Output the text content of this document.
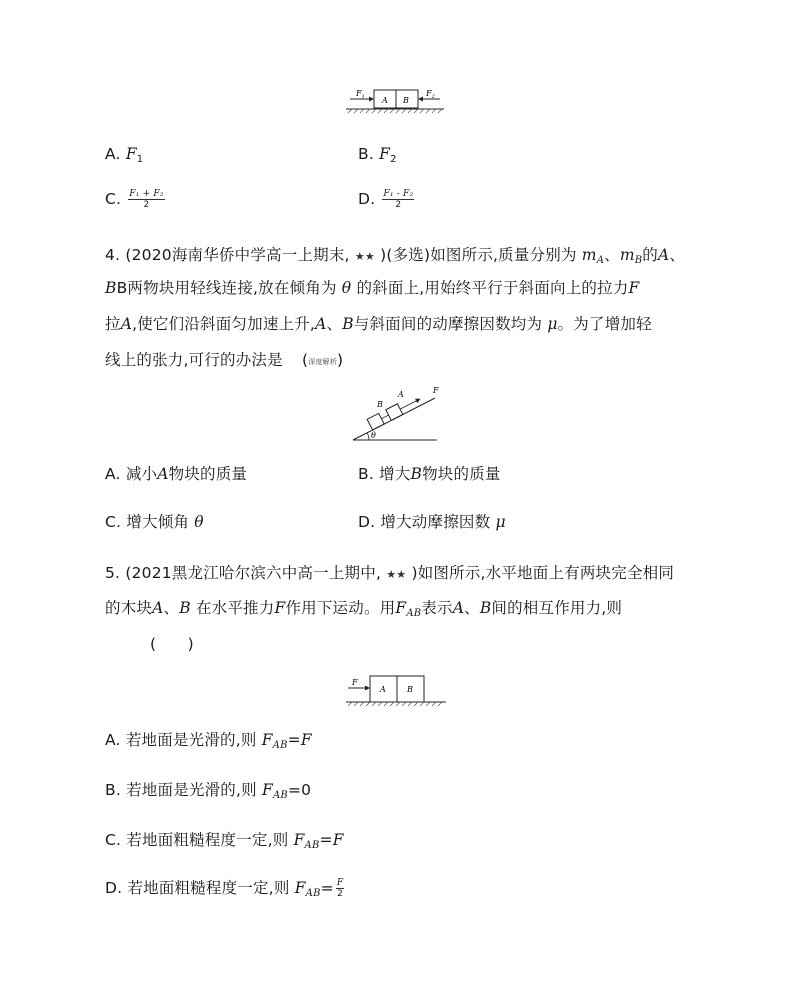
$F_1$ A B
$F_2$
A. $F_1$	B. $F_2$
C. $\frac{\text{F₁ + F₂}}{2}$	D. $\frac{\text{F₁ - F₂}}{2}$
4. (2020海南华侨中学高一上期末, ★★ )(多选)如图所示,质量分别为 $m_A$、$m_B$的A、
BB两物块用轻线连接,放在倾角为 θ 的斜面上,用始终平行于斜面向上的拉力F
拉A,使它们沿斜面匀加速上升,A、B与斜面间的动摩擦因数均为 μ。为了增加轻
线上的张力,可行的办法是 (深度解析)
θ
B
A	F
A. 减小A物块的质量	B. 增大B物块的质量
C. 增大倾角 θ	D. 增大动摩擦因数 μ
5. (2021黑龙江哈尔滨六中高一上期中, ★★ )如图所示,水平地面上有两块完全相同
的木块A、B 在水平推力F作用下运动。用$F_{AB}$表示A、B间的相互作用力,则
(　　)
F
A	B
A. 若地面是光滑的,则 $F_{AB}=F$
B. 若地面是光滑的,则 $F_{AB}=0$
C. 若地面粗糙程度一定,则 $F_{AB}=F$
D. 若地面粗糙程度一定,则 $F_{AB}= \frac{F}{2}$
